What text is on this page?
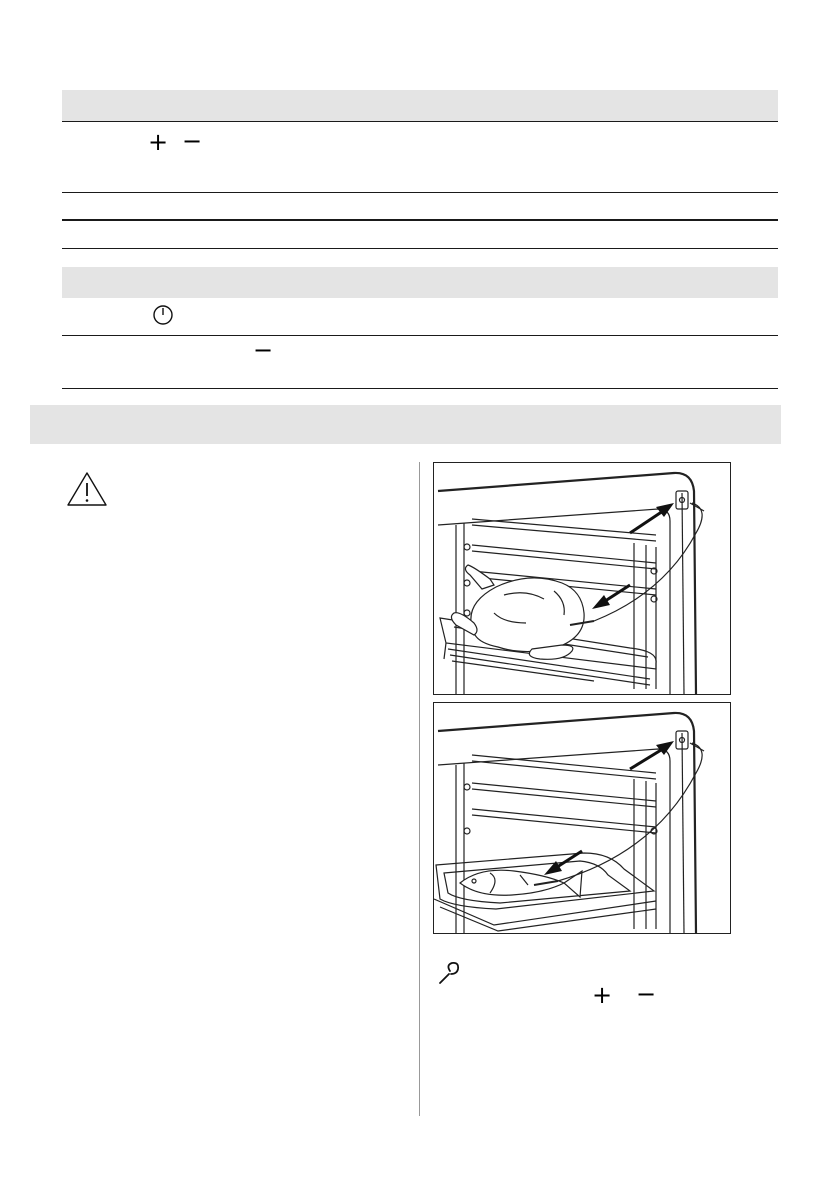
+ −
−
+ −
